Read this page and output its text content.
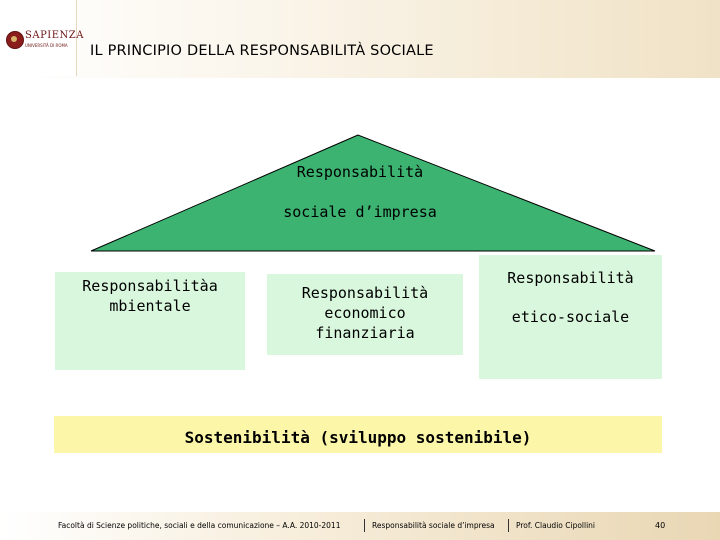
SAPIENZA
UNIVERSITÀ DI ROMA IL PRINCIPIO DELLA RESPONSABILITÀ SOCIALE
Responsabilità
sociale d’impresa
Responsabilitàa
mbientale
Responsabilità
economico
finanziaria
Responsabilità
etico-sociale
Sostenibilità (sviluppo sostenibile)
Facoltà di Scienze politiche, sociali e della comunicazione – A.A. 2010-2011	Responsabilità sociale d’impresa	Prof. Claudio Cipollini	40
